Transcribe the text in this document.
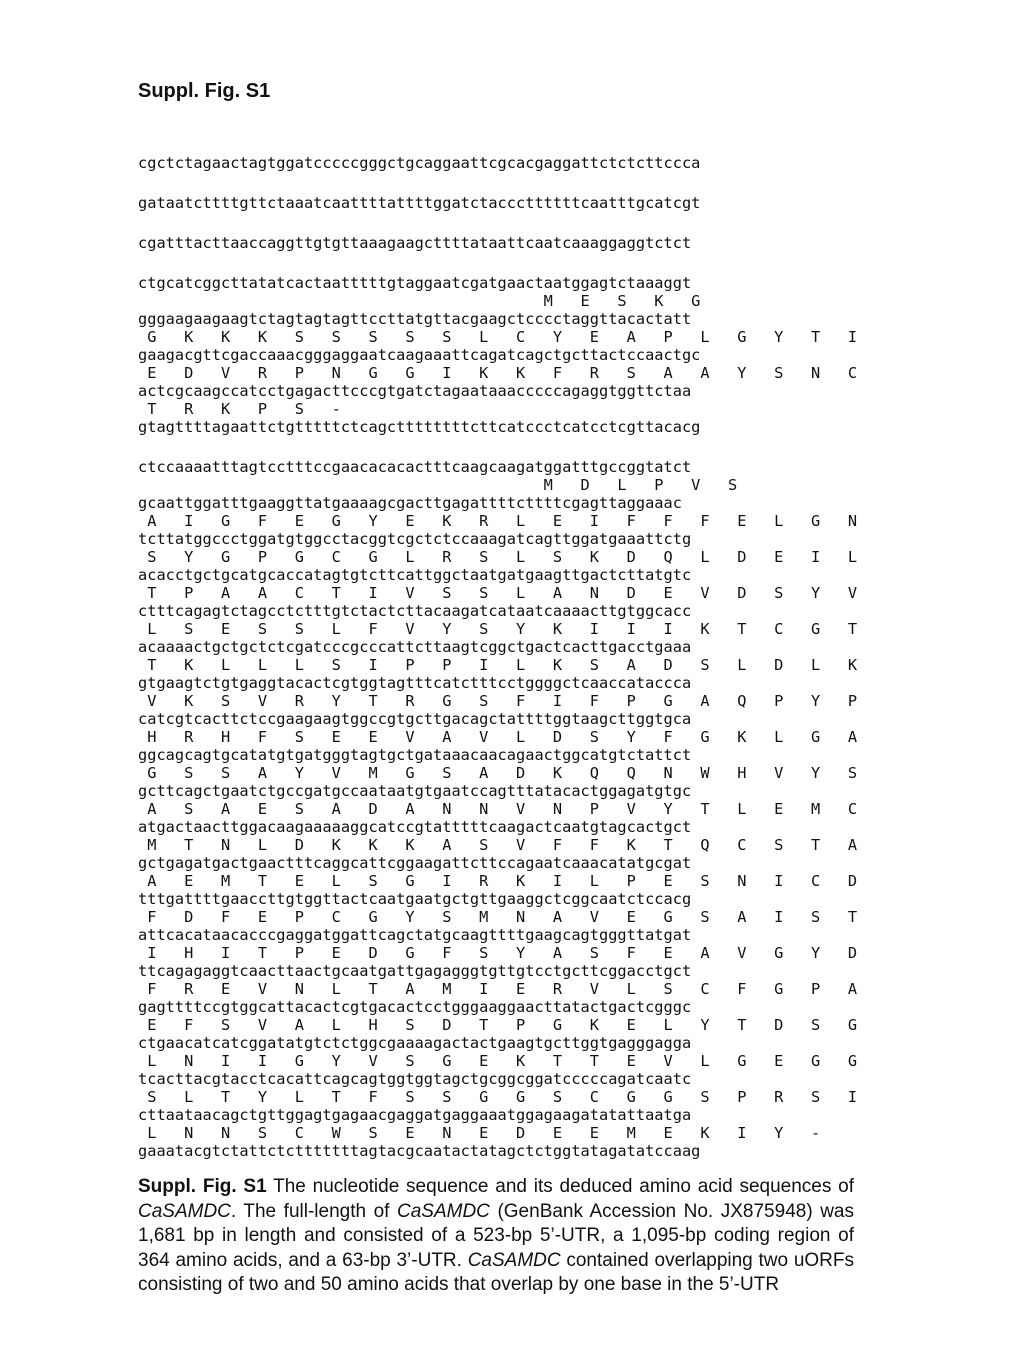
Suppl. Fig. S1
cgctctagaactagtggatcccccgggctgcaggaattcgcacgaggattctctcttccca
gataatcttttgttctaaatcaattttattttggatctacccttttttcaatttgcatcgt
cgatttacttaaccaggttgtgttaaagaagcttttataattcaatcaaaggaggtctct
ctgcatcggcttatatcactaatttttgtaggaatcgatgaactaatggagtctaaaggt
M   E   S   K   G
gggaagaagaagtctagtagtagttccttatgttacgaagctcccctaggttacactatt
G   K   K   K   S   S   S   S   S   L   C   Y   E   A   P   L   G   Y   T   I
gaagacgttcgaccaaacgggaggaatcaagaaattcagatcagctgcttactccaactgc
E   D   V   R   P   N   G   G   I   K   K   F   R   S   A   A   Y   S   N   C
actcgcaagccatcctgagacttcccgtgatctagaataaacccccagaggtggttctaa
T   R   K   P   S   -
gtagttttagaattctgtttttctcagcttttttttcttcatccctcatcctcgttacacg
ctccaaaatttagtcctttccgaacacacactttcaagcaagatggatttgccggtatct
M   D   L   P   V   S
gcaattggatttgaaggttatgaaaagcgacttgagattttcttttcgagttaggaaac
A   I   G   F   E   G   Y   E   K   R   L   E   I   F   F   F   E   L   G   N
tcttatggccctggatgtggcctacggtcgctctccaaagatcagttggatgaaattctg
S   Y   G   P   G   C   G   L   R   S   L   S   K   D   Q   L   D   E   I   L
acacctgctgcatgcaccatagtgtcttcattggctaatgatgaagttgactcttatgtc
T   P   A   A   C   T   I   V   S   S   L   A   N   D   E   V   D   S   Y   V
ctttcagagtctagcctctttgtctactcttacaagatcataatcaaaacttgtggcacc
L   S   E   S   S   L   F   V   Y   S   Y   K   I   I   I   K   T   C   G   T
acaaaactgctgctctcgatcccgcccattcttaagtcggctgactcacttgacctgaaa
T   K   L   L   L   S   I   P   P   I   L   K   S   A   D   S   L   D   L   K
gtgaagtctgtgaggtacactcgtggtagtttcatctttcctggggctcaaccataccca
V   K   S   V   R   Y   T   R   G   S   F   I   F   P   G   A   Q   P   Y   P
catcgtcacttctccgaagaagtggccgtgcttgacagctattttggtaagcttggtgca
H   R   H   F   S   E   E   V   A   V   L   D   S   Y   F   G   K   L   G   A
ggcagcagtgcatatgtgatgggtagtgctgataaacaacagaactggcatgtctattct
G   S   S   A   Y   V   M   G   S   A   D   K   Q   Q   N   W   H   V   Y   S
gcttcagctgaatctgccgatgccaataatgtgaatccagtttatacactggagatgtgc
A   S   A   E   S   A   D   A   N   N   V   N   P   V   Y   T   L   E   M   C
atgactaacttggacaagaaaaaggcatccgtatttttcaagactcaatgtagcactgct
M   T   N   L   D   K   K   K   A   S   V   F   F   K   T   Q   C   S   T   A
gctgagatgactgaactttcaggcattcggaagattcttccagaatcaaacatatgcgat
A   E   M   T   E   L   S   G   I   R   K   I   L   P   E   S   N   I   C   D
tttgattttgaaccttgtggttactcaatgaatgctgttgaaggctcggcaatctccacg
F   D   F   E   P   C   G   Y   S   M   N   A   V   E   G   S   A   I   S   T
attcacataacacccgaggatggattcagctatgcaagttttgaagcagtgggttatgat
I   H   I   T   P   E   D   G   F   S   Y   A   S   F   E   A   V   G   Y   D
ttcagagaggtcaacttaactgcaatgattgagagggtgttgtcctgcttcggacctgct
F   R   E   V   N   L   T   A   M   I   E   R   V   L   S   C   F   G   P   A
gagttttccgtggcattacactcgtgacactcctgggaaggaacttatactgactcgggc
E   F   S   V   A   L   H   S   D   T   P   G   K   E   L   Y   T   D   S   G
ctgaacatcatcggatatgtctctggcgaaaagactactgaagtgcttggtgagggagga
L   N   I   I   G   Y   V   S   G   E   K   T   T   E   V   L   G   E   G   G
tcacttacgtacctcacattcagcagtggtggtagctgcggcggatcccccagatcaatc
S   L   T   Y   L   T   F   S   S   G   G   S   C   G   G   S   P   R   S   I
cttaataacagctgttggagtgagaacgaggatgaggaaatggagaagatatattaatga
L   N   N   S   C   W   S   E   N   E   D   E   E   M   E   K   I   Y   -
gaaatacgtctattctctttttttagtacgcaatactatagctctggtatagatatccaag

Suppl. Fig. S1 The nucleotide sequence and its deduced amino acid sequences of CaSAMDC. The full-length of CaSAMDC (GenBank Accession No. JX875948) was 1,681 bp in length and consisted of a 523-bp 5’-UTR, a 1,095-bp coding region of 364 amino acids, and a 63-bp 3’-UTR. CaSAMDC contained overlapping two uORFs consisting of two and 50 amino acids that overlap by one base in the 5’-UTR
